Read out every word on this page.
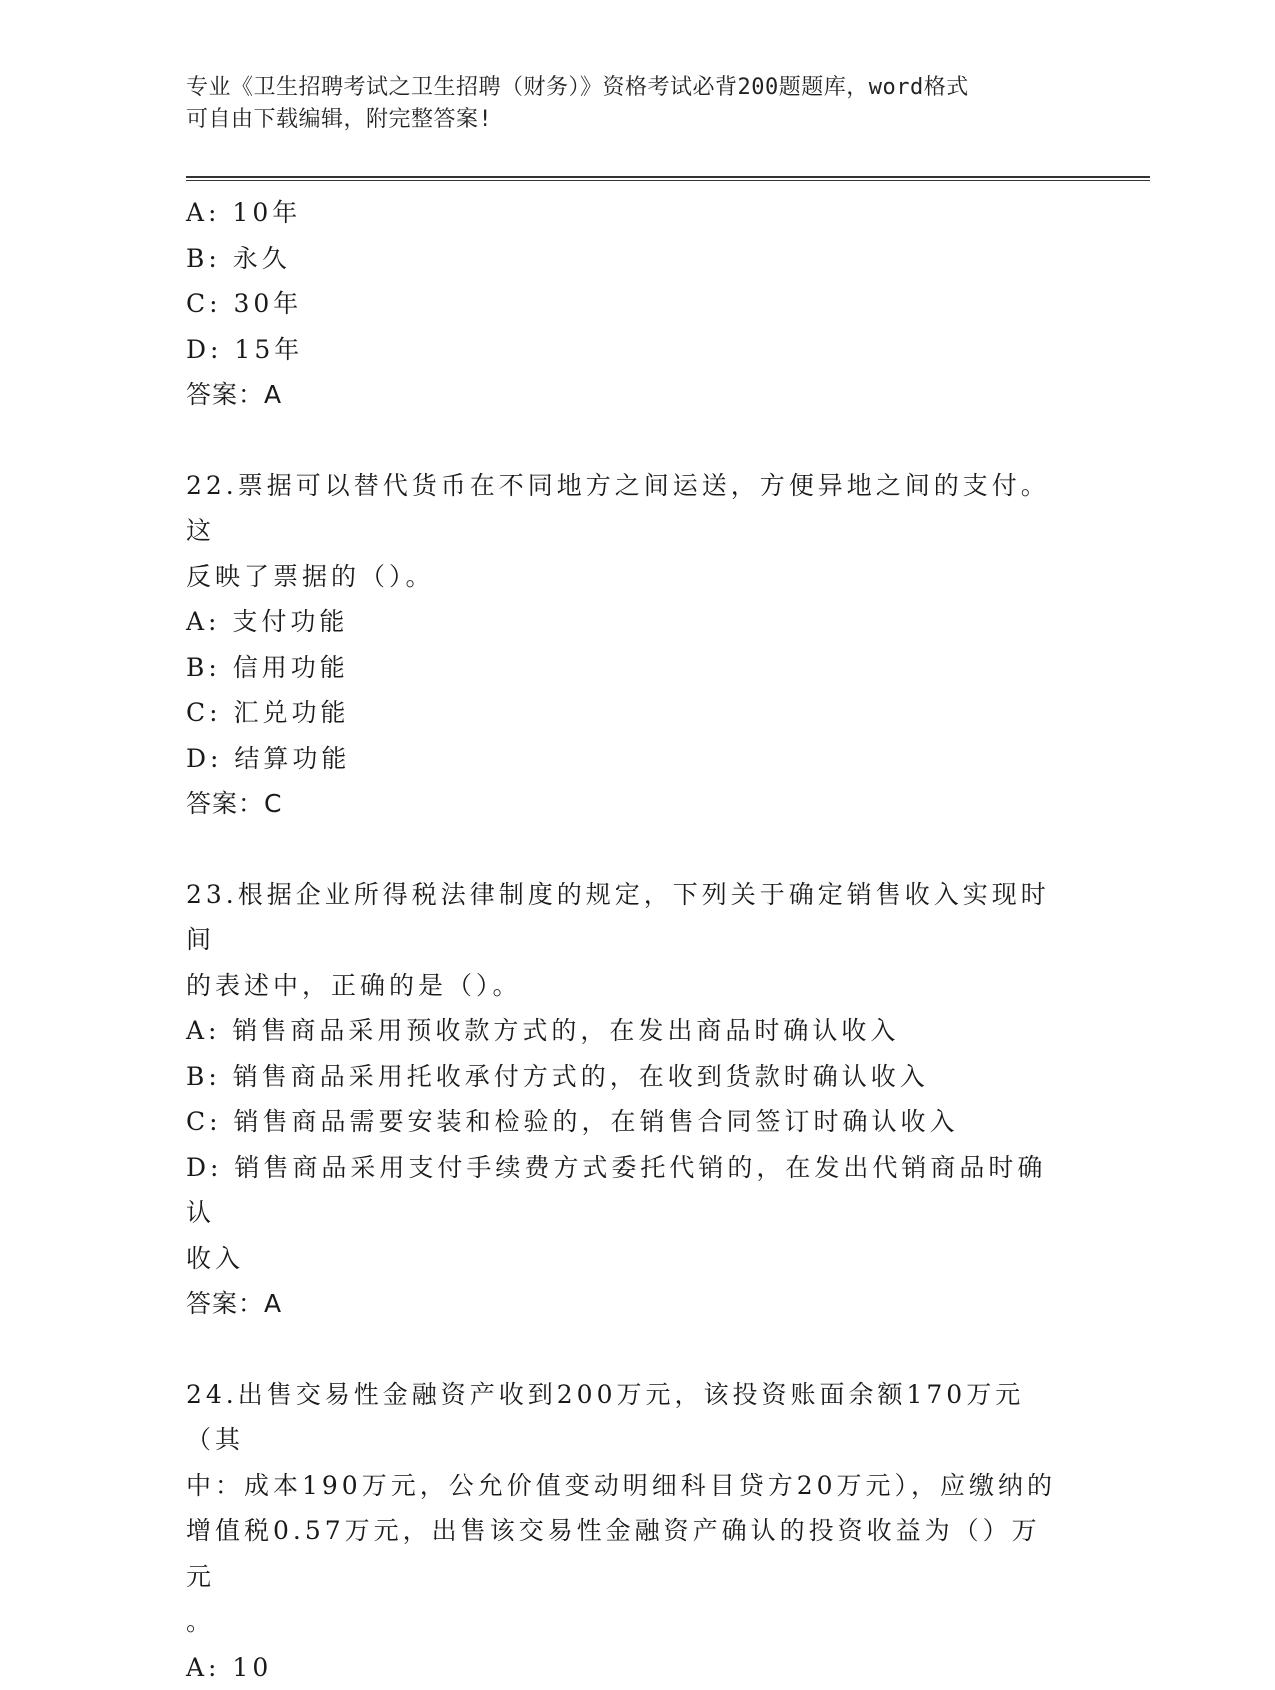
专业《卫生招聘考试之卫生招聘（财务）》资格考试必背200题题库，word格式
可自由下载编辑，附完整答案!

A: 10年

B: 永久

C: 30年

D: 15年

答案：A

22.票据可以替代货币在不同地方之间运送，方便异地之间的支付。这

反映了票据的（）。

A: 支付功能

B: 信用功能

C: 汇兑功能

D: 结算功能

答案：C

23.根据企业所得税法律制度的规定，下列关于确定销售收入实现时间

的表述中，正确的是（）。

A: 销售商品采用预收款方式的，在发出商品时确认收入

B: 销售商品采用托收承付方式的，在收到货款时确认收入

C: 销售商品需要安装和检验的，在销售合同签订时确认收入

D: 销售商品采用支付手续费方式委托代销的，在发出代销商品时确认

收入

答案：A

24.出售交易性金融资产收到200万元，该投资账面余额170万元（其

中：成本190万元，公允价值变动明细科目贷方20万元），应缴纳的

增值税0.57万元，出售该交易性金融资产确认的投资收益为（）万元

。

A: 10
